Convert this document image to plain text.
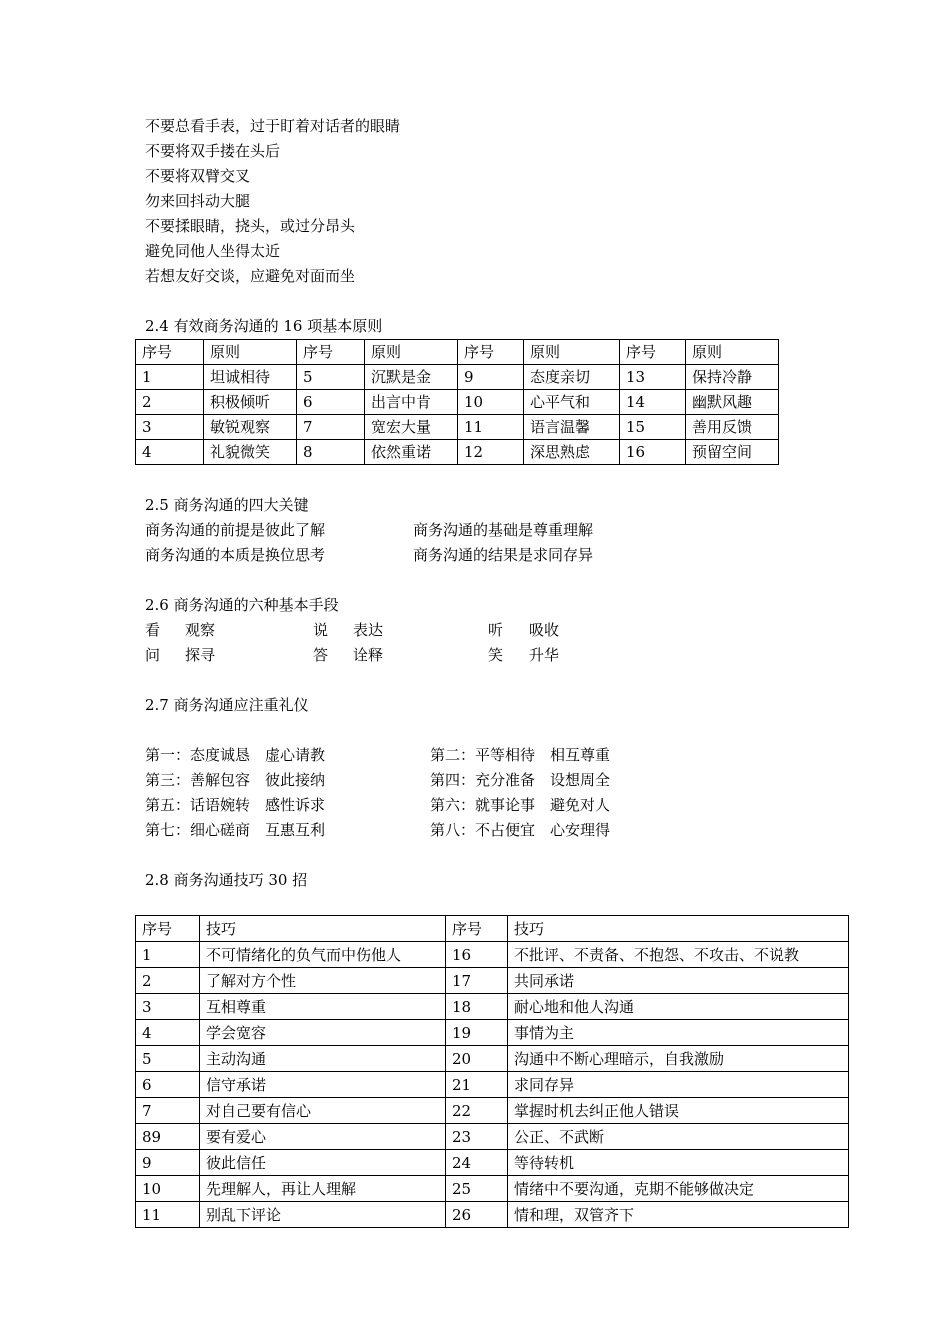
不要总看手表，过于盯着对话者的眼睛
不要将双手搂在头后
不要将双臂交叉
勿来回抖动大腿
不要揉眼睛，挠头，或过分昂头
避免同他人坐得太近
若想友好交谈，应避免对面而坐
2.4 有效商务沟通的 16 项基本原则
序号	原则	序号	原则	序号	原则	序号	原则
1	坦诚相待	5	沉默是金	9	态度亲切	13	保持冷静
2	积极倾听	6	出言中肯	10	心平气和	14	幽默风趣
3	敏锐观察	7	宽宏大量	11	语言温馨	15	善用反馈
4	礼貌微笑	8	依然重诺	12	深思熟虑	16	预留空间
2.5 商务沟通的四大关键
商务沟通的前提是彼此了解	商务沟通的基础是尊重理解
商务沟通的本质是换位思考	商务沟通的结果是求同存异
2.6 商务沟通的六种基本手段
看 观察	说 表达	听 吸收
问 探寻	答 诠释	笑 升华
2.7 商务沟通应注重礼仪
第一：态度诚恳　虚心请教	第二：平等相待　相互尊重
第三：善解包容　彼此接纳	第四：充分准备　设想周全
第五：话语婉转　感性诉求	第六：就事论事　避免对人
第七：细心磋商　互惠互利	第八：不占便宜　心安理得
2.8 商务沟通技巧 30 招
序号	技巧	序号	技巧
1	不可情绪化的负气而中伤他人	16	不批评、不责备、不抱怨、不攻击、不说教
2	了解对方个性	17	共同承诺
3	互相尊重	18	耐心地和他人沟通
4	学会宽容	19	事情为主
5	主动沟通	20	沟通中不断心理暗示，自我激励
6	信守承诺	21	求同存异
7	对自己要有信心	22	掌握时机去纠正他人错误
89	要有爱心	23	公正、不武断
9	彼此信任	24	等待转机
10	先理解人，再让人理解	25	情绪中不要沟通，克期不能够做决定
11	别乱下评论	26	情和理，双管齐下
